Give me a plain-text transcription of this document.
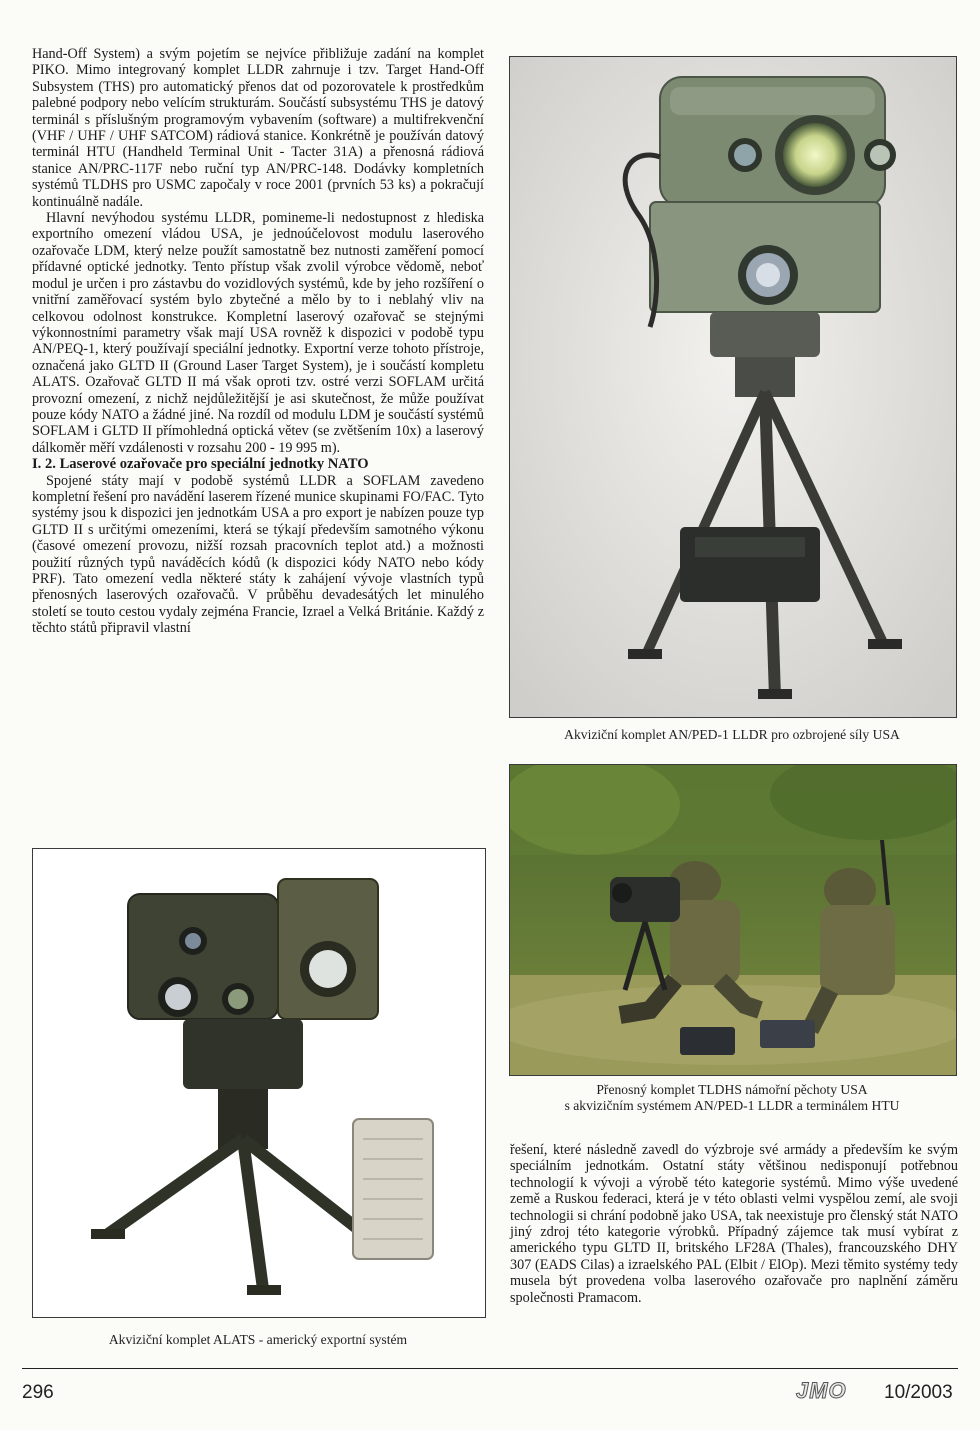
Hand-Off System) a svým pojetím se nejvíce přibližuje zadání na komplet PIKO. Mimo integrovaný komplet LLDR zahrnuje i tzv. Target Hand-Off Subsystem (THS) pro automatický přenos dat od pozorovatele k prostředkům palebné podpory nebo velícím strukturám. Součástí subsystému THS je datový terminál s příslušným programovým vybavením (software) a multifrekvenční (VHF / UHF / UHF SATCOM) rádiová stanice. Konkrétně je používán datový terminál HTU (Handheld Terminal Unit - Tacter 31A) a přenosná rádiová stanice AN/PRC-117F nebo ruční typ AN/PRC-148. Dodávky kompletních systémů TLDHS pro USMC započaly v roce 2001 (prvních 53 ks) a pokračují kontinuálně nadále.

Hlavní nevýhodou systému LLDR, pomineme-li nedostupnost z hlediska exportního omezení vládou USA, je jednoúčelovost modulu laserového ozařovače LDM, který nelze použít samostatně bez nutnosti zaměření pomocí přídavné optické jednotky. Tento přístup však zvolil výrobce vědomě, neboť modul je určen i pro zástavbu do vozidlových systémů, kde by jeho rozšíření o vnitřní zaměřovací systém bylo zbytečné a mělo by to i neblahý vliv na celkovou odolnost konstrukce. Kompletní laserový ozařovač se stejnými výkonnostními parametry však mají USA rovněž k dispozici v podobě typu AN/PEQ-1, který používají speciální jednotky. Exportní verze tohoto přístroje, označená jako GLTD II (Ground Laser Target System), je i součástí kompletu ALATS. Ozařovač GLTD II má však oproti tzv. ostré verzi SOFLAM určitá provozní omezení, z nichž nejdůležitější je asi skutečnost, že může používat pouze kódy NATO a žádné jiné. Na rozdíl od modulu LDM je součástí systémů SOFLAM i GLTD II přímohledná optická větev (se zvětšením 10x) a laserový dálkoměr měří vzdálenosti v rozsahu 200 - 19 995 m).

I. 2. Laserové ozařovače pro speciální jednotky NATO

Spojené státy mají v podobě systémů LLDR a SOFLAM zavedeno kompletní řešení pro navádění laserem řízené munice skupinami FO/FAC. Tyto systémy jsou k dispozici jen jednotkám USA a pro export je nabízen pouze typ GLTD II s určitými omezeními, která se týkají především samotného výkonu (časové omezení provozu, nižší rozsah pracovních teplot atd.) a možnosti použití různých typů naváděcích kódů (k dispozici kódy NATO nebo kódy PRF). Tato omezení vedla některé státy k zahájení vývoje vlastních typů přenosných laserových ozařovačů. V průběhu devadesátých let minulého století se toutо cestou vydaly zejména Francie, Izrael a Velká Británie. Každý z těchto států připravil vlastní

Akviziční komplet AN/PED-1 LLDR pro ozbrojené síly USA
Přenosný komplet TLDHS námořní pěchoty USA
s akvizičním systémem AN/PED-1 LLDR a terminálem HTU
Akviziční komplet ALATS - americký exportní systém

řešení, které následně zavedl do výzbroje své armády a především ke svým speciálním jednotkám. Ostatní státy většinou nedisponují potřebnou technologií k vývoji a výrobě této kategorie systémů. Mimo výše uvedené země a Ruskou federaci, která je v této oblasti velmi vyspělou zemí, ale svoji technologii si chrání podobně jako USA, tak neexistuje pro členský stát NATO jiný zdroj této kategorie výrobků. Případný zájemce tak musí vybírat z amerického typu GLTD II, britského LF28A (Thales), francouzského DHY 307 (EADS Cilas) a izraelského PAL (Elbit / ElOp). Mezi těmito systémy tedy musela být provedena volba laserového ozařovače pro naplnění záměru společnosti Pramacom.

296	JMO 10/2003
